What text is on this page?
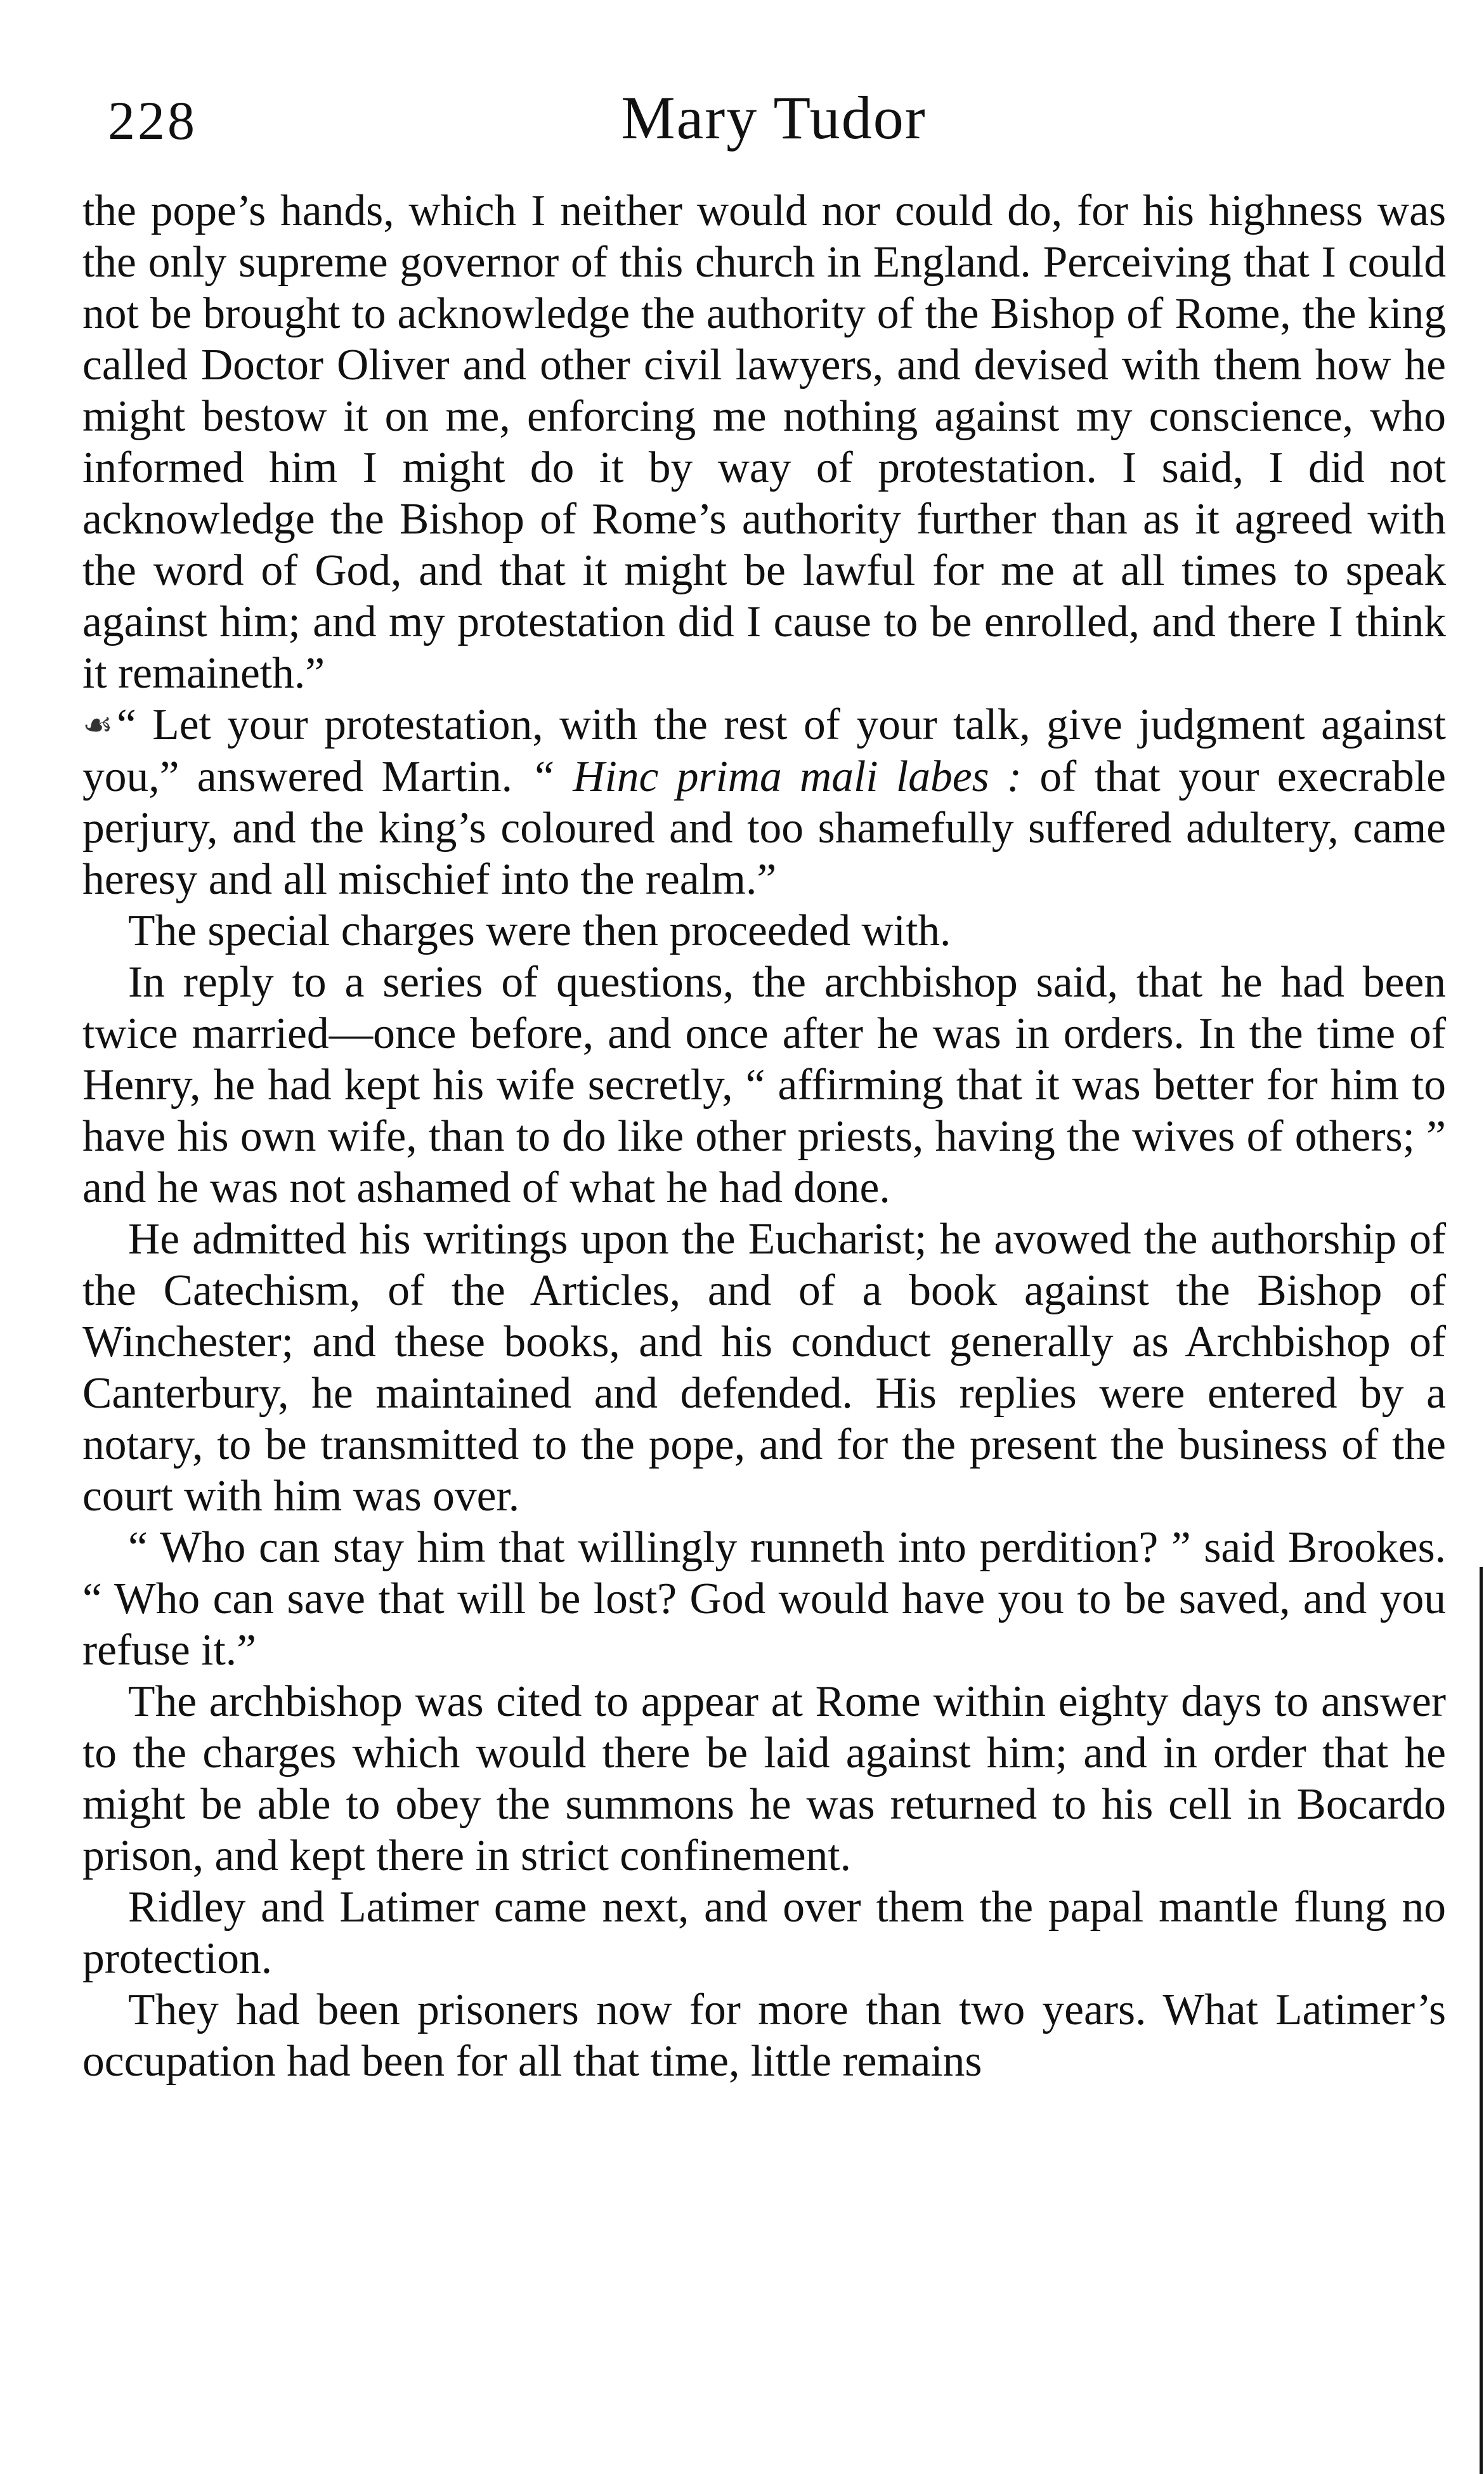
228	Mary Tudor

the pope’s hands, which I neither would nor could do, for his highness was the only supreme governor of this church in England. Perceiving that I could not be brought to acknowledge the authority of the Bishop of Rome, the king called Doctor Oliver and other civil lawyers, and devised with them how he might bestow it on me, enforcing me nothing against my conscience, who informed him I might do it by way of protestation. I said, I did not acknowledge the Bishop of Rome’s authority further than as it agreed with the word of God, and that it might be lawful for me at all times to speak against him; and my protestation did I cause to be enrolled, and there I think it remaineth.”

☙“ Let your protestation, with the rest of your talk, give judgment against you,” answered Martin. “ Hinc prima mali labes : of that your execrable perjury, and the king’s coloured and too shamefully suffered adultery, came heresy and all mischief into the realm.”

The special charges were then proceeded with.

In reply to a series of questions, the archbishop said, that he had been twice married—once before, and once after he was in orders. In the time of Henry, he had kept his wife secretly, “ affirming that it was better for him to have his own wife, than to do like other priests, having the wives of others; ” and he was not ashamed of what he had done.

He admitted his writings upon the Eucharist; he avowed the authorship of the Catechism, of the Articles, and of a book against the Bishop of Winchester; and these books, and his conduct generally as Archbishop of Canterbury, he maintained and defended. His replies were entered by a notary, to be transmitted to the pope, and for the present the business of the court with him was over.

“ Who can stay him that willingly runneth into perdition? ” said Brookes. “ Who can save that will be lost? God would have you to be saved, and you refuse it.”

The archbishop was cited to appear at Rome within eighty days to answer to the charges which would there be laid against him; and in order that he might be able to obey the summons he was returned to his cell in Bocardo prison, and kept there in strict confinement.

Ridley and Latimer came next, and over them the papal mantle flung no protection.

They had been prisoners now for more than two years. What Latimer’s occupation had been for all that time, little remains
